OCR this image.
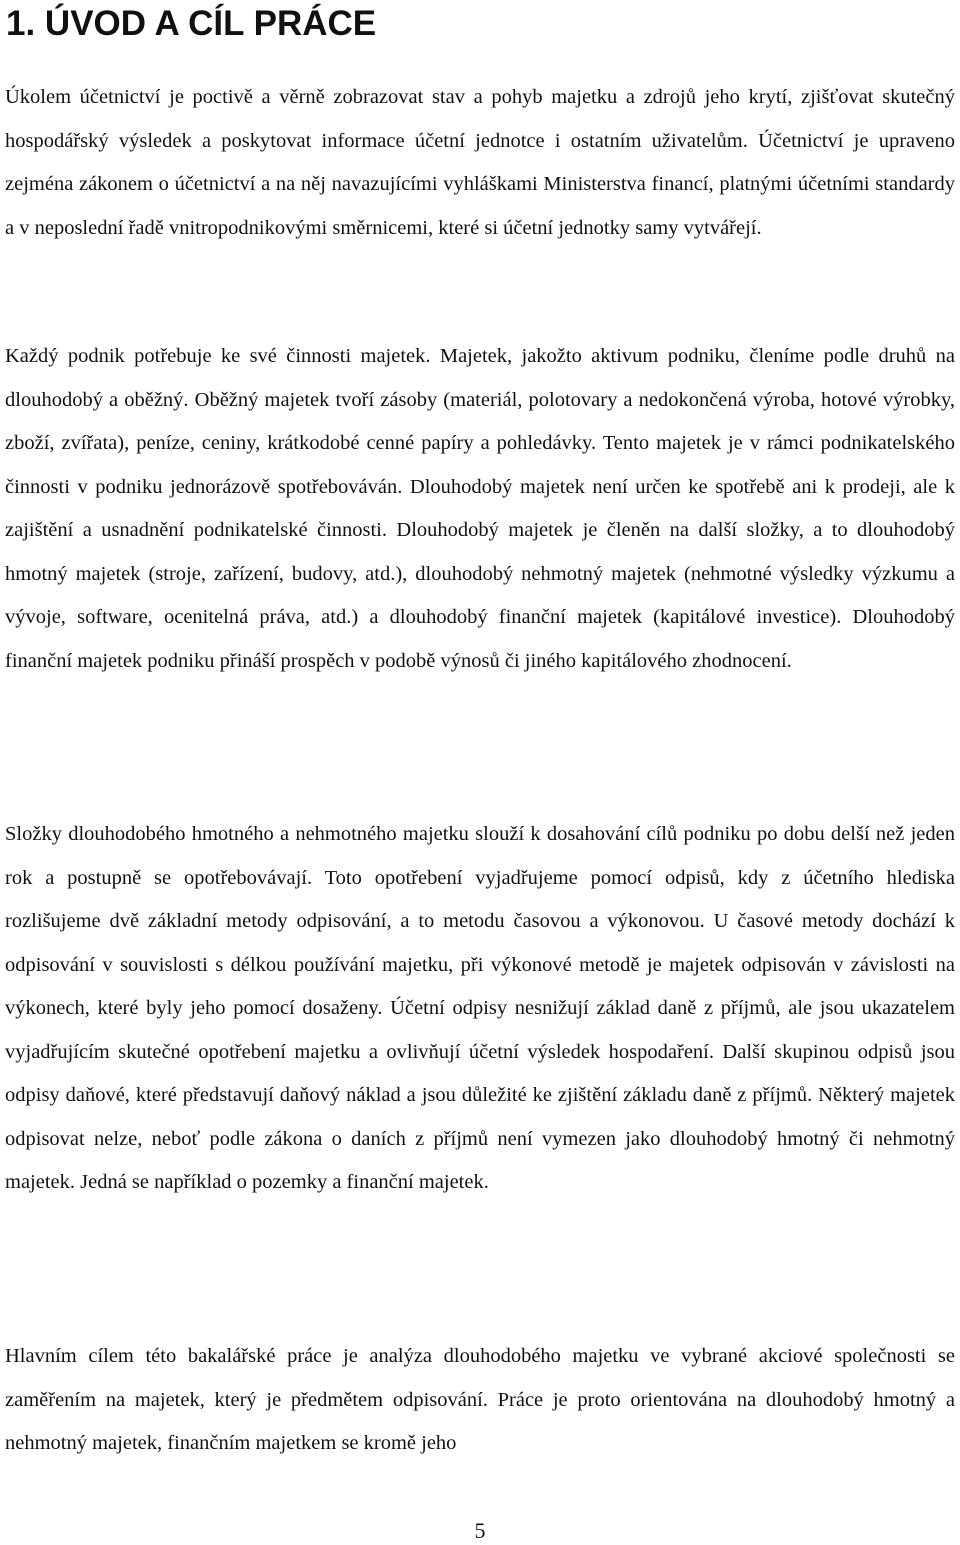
1. ÚVOD A CÍL PRÁCE

Úkolem účetnictví je poctivě a věrně zobrazovat stav a pohyb majetku a zdrojů jeho krytí, zjišťovat skutečný hospodářský výsledek a poskytovat informace účetní jednotce i ostatním uživatelům. Účetnictví je upraveno zejména zákonem o účetnictví a na něj navazujícími vyhláškami Ministerstva financí, platnými účetními standardy a v neposlední řadě vnitropodnikovými směrnicemi, které si účetní jednotky samy vytvářejí.

Každý podnik potřebuje ke své činnosti majetek. Majetek, jakožto aktivum podniku, členíme podle druhů na dlouhodobý a oběžný. Oběžný majetek tvoří zásoby (materiál, polotovary a nedokončená výroba, hotové výrobky, zboží, zvířata), peníze, ceniny, krátkodobé cenné papíry a pohledávky. Tento majetek je v rámci podnikatelského činnosti v podniku jednorázově spotřebováván. Dlouhodobý majetek není určen ke spotřebě ani k prodeji, ale k zajištění a usnadnění podnikatelské činnosti. Dlouhodobý majetek je členěn na další složky, a to dlouhodobý hmotný majetek (stroje, zařízení, budovy, atd.), dlouhodobý nehmotný majetek (nehmotné výsledky výzkumu a vývoje, software, ocenitelná práva, atd.) a dlouhodobý finanční majetek (kapitálové investice). Dlouhodobý finanční majetek podniku přináší prospěch v podobě výnosů či jiného kapitálového zhodnocení.

Složky dlouhodobého hmotného a nehmotného majetku slouží k dosahování cílů podniku po dobu delší než jeden rok a postupně se opotřebovávají. Toto opotřebení vyjadřujeme pomocí odpisů, kdy z účetního hlediska rozlišujeme dvě základní metody odpisování, a to metodu časovou a výkonovou. U časové metody dochází k odpisování v souvislosti s délkou používání majetku, při výkonové metodě je majetek odpisován v závislosti na výkonech, které byly jeho pomocí dosaženy. Účetní odpisy nesnižují základ daně z příjmů, ale jsou ukazatelem vyjadřujícím skutečné opotřebení majetku a ovlivňují účetní výsledek hospodaření. Další skupinou odpisů jsou odpisy daňové, které představují daňový náklad a jsou důležité ke zjištění základu daně z příjmů. Některý majetek odpisovat nelze, neboť podle zákona o daních z příjmů není vymezen jako dlouhodobý hmotný či nehmotný majetek. Jedná se například o pozemky a finanční majetek.

Hlavním cílem této bakalářské práce je analýza dlouhodobého majetku ve vybrané akciové společnosti se zaměřením na majetek, který je předmětem odpisování. Práce je proto orientována na dlouhodobý hmotný a nehmotný majetek, finančním majetkem se kromě jeho

5
